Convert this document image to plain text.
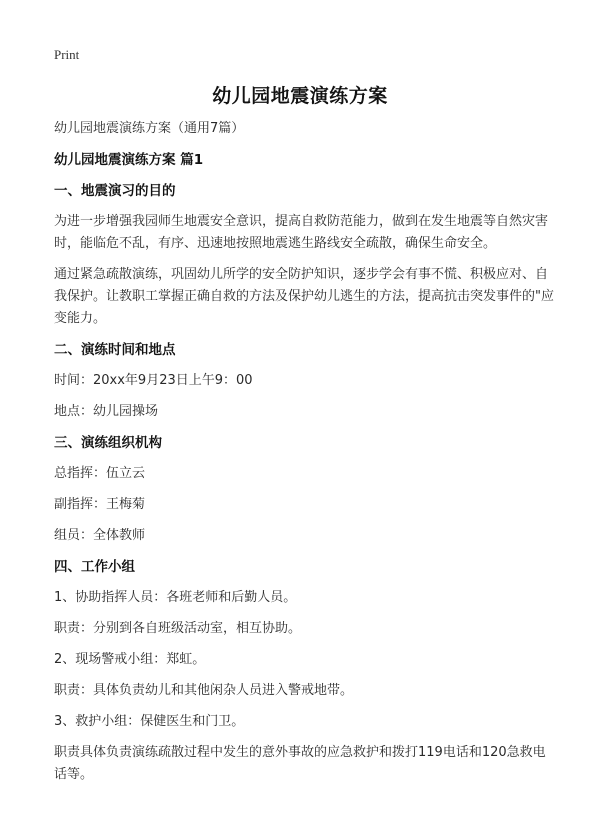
Print
幼儿园地震演练方案

幼儿园地震演练方案（通用7篇）

幼儿园地震演练方案 篇1

一、地震演习的目的

为进一步增强我园师生地震安全意识，提高自救防范能力，做到在发生地震等自然灾害时，能临危不乱，有序、迅速地按照地震逃生路线安全疏散，确保生命安全。

通过紧急疏散演练，巩固幼儿所学的安全防护知识，逐步学会有事不慌、积极应对、自我保护。让教职工掌握正确自救的方法及保护幼儿逃生的方法，提高抗击突发事件的"应变能力。

二、演练时间和地点

时间：20xx年9月23日上午9：00

地点：幼儿园操场

三、演练组织机构

总指挥：伍立云

副指挥：王梅菊

组员：全体教师

四、工作小组

1、协助指挥人员：各班老师和后勤人员。

职责：分别到各自班级活动室，相互协助。

2、现场警戒小组：郑虹。

职责：具体负责幼儿和其他闲杂人员进入警戒地带。

3、救护小组：保健医生和门卫。

职责具体负责演练疏散过程中发生的意外事故的应急救护和拨打119电话和120急救电话等。
